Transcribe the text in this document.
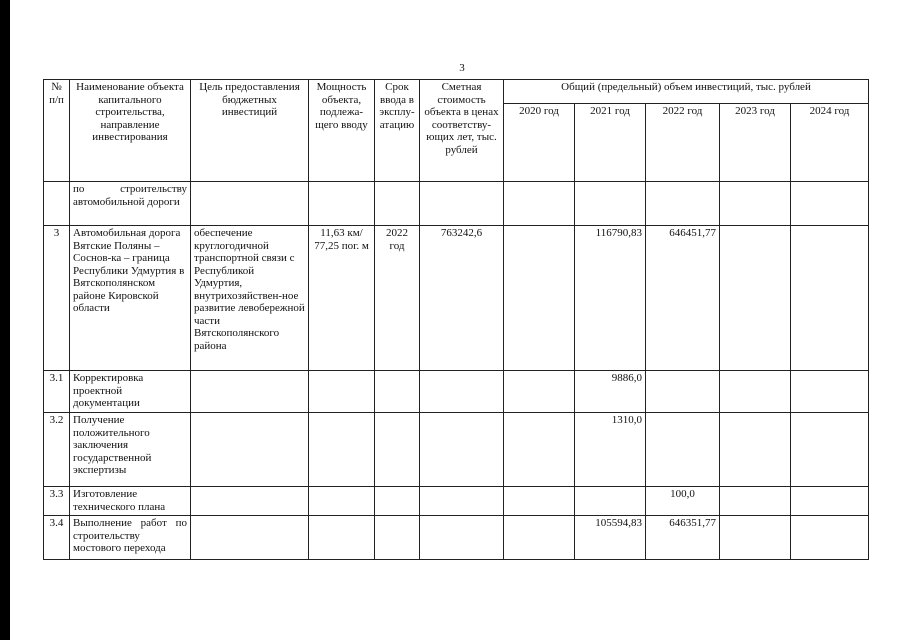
3
№ п/п	Наименование объекта капитального строительства, направление инвестирования	Цель предоставления бюджетных инвестиций	Мощность объекта, подлежа-щего вводу	Срок ввода в эксплу-атацию	Сметная стоимость объекта в ценах соответству-ющих лет, тыс. рублей	Общий (предельный) объем инвестиций, тыс. рублей				
						2020 год	2021 год	2022 год	2023 год	2024 год
	по строительству автомобильной дороги									
3	Автомобильная дорога Вятские Поляны – Соснов-ка – граница Республики Удмуртия в Вятскополянском районе Кировской области	обеспечение круглогодичной транспортной связи с Республикой Удмуртия, внутрихозяйствен-ное развитие левобережной части Вятскополянского района	11,63 км/ 77,25 пог. м	2022 год	763242,6		116790,83	646451,77		
3.1	Корректировка проектной документации						9886,0			
3.2	Получение положительного заключения государственной экспертизы						1310,0			
3.3	Изготовление технического плана							100,0		
3.4	Выполнение работ по строительству мостового перехода						105594,83	646351,77		
